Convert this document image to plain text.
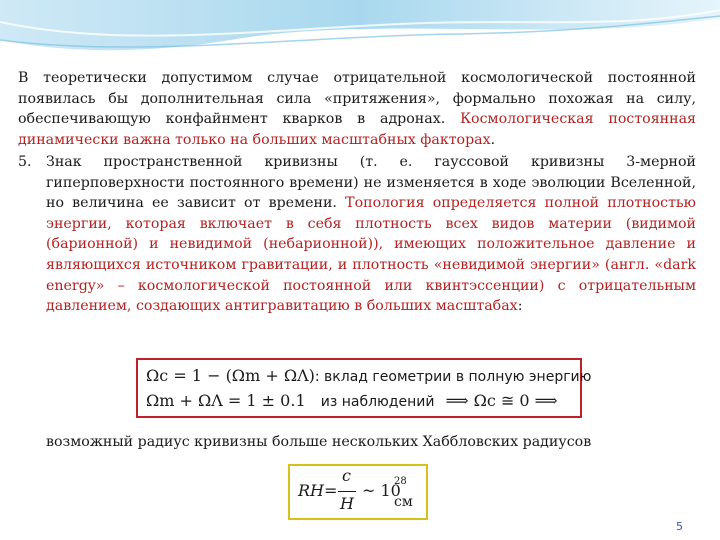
В теоретически допустимом случае отрицательной космологической постоянной появилась бы дополнительная сила «притяжения», формально похожая на силу, обеспечивающую конфайнмент кварков в адронах. Космологическая постоянная динамически важна только на больших масштабных факторах.

5.	Знак пространственной кривизны (т. е. гауссовой кривизны 3-мерной гиперповерхности постоянного времени) не изменяется в ходе эволюции Вселенной, но величина ее зависит от времени. Топология определяется полной плотностью энергии, которая включает в себя плотность всех видов материи (видимой (барионной) и невидимой (небарионной)), имеющих положительное давление и являющихся источником гравитации, и плотность «невидимой энергии» (англ. «dark energy» – космологической постоянной или квинтэссенции) с отрицательным давлением, создающих антигравитацию в больших масштабах:
Ωc = 1 − (Ωm + ΩΛ): вклад геометрии в полную энергию
Ωm + ΩΛ = 1 ± 0.1 из наблюдений ⟹ Ωc ≅ 0 ⟹
возможный радиус кривизны больше нескольких Хаббловских радиусов
RH =
c
H
~ 10
28
см
5
